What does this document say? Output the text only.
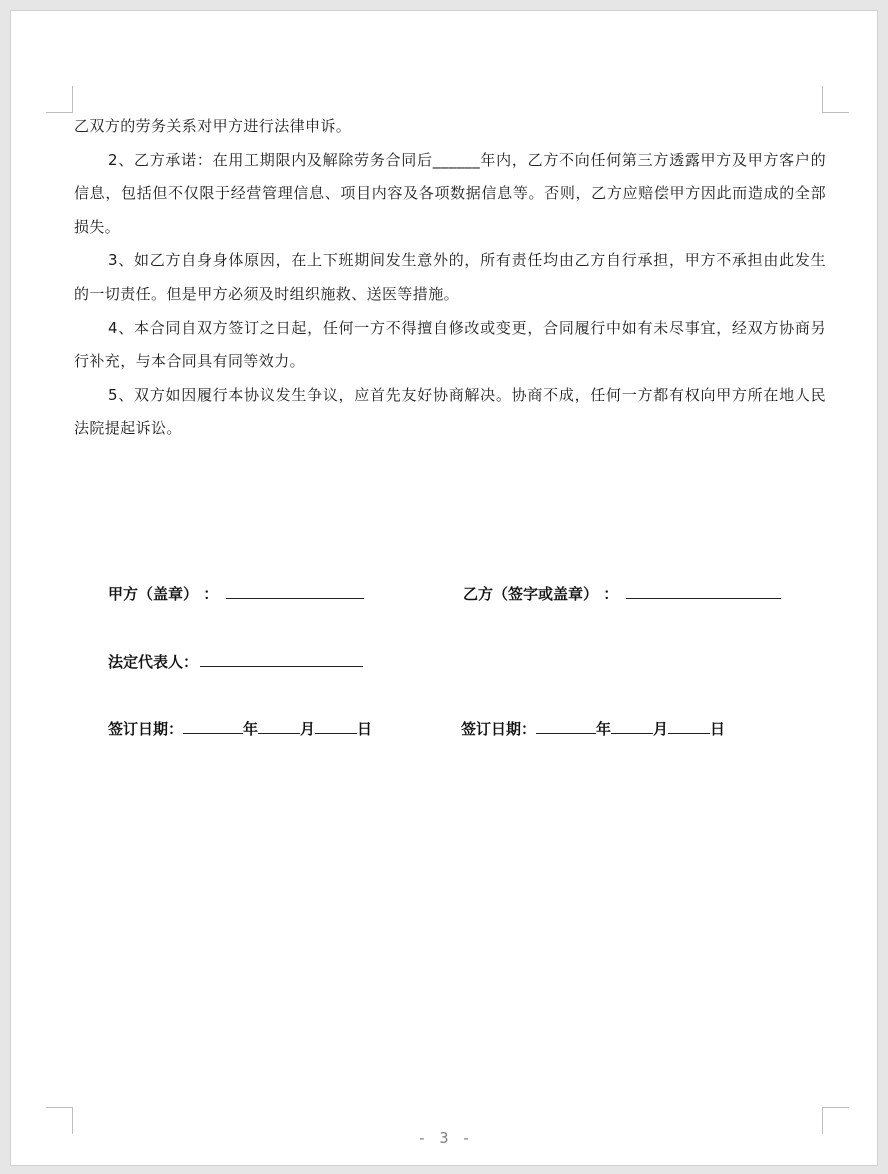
乙双方的劳务关系对甲方进行法律申诉。

2、乙方承诺：在用工期限内及解除劳务合同后______年内，乙方不向任何第三方透露甲方及甲方客户的信息，包括但不仅限于经营管理信息、项目内容及各项数据信息等。否则，乙方应赔偿甲方因此而造成的全部损失。

3、如乙方自身身体原因，在上下班期间发生意外的，所有责任均由乙方自行承担，甲方不承担由此发生的一切责任。但是甲方必须及时组织施救、送医等措施。

4、本合同自双方签订之日起，任何一方不得擅自修改或变更，合同履行中如有未尽事宜，经双方协商另行补充，与本合同具有同等效力。

5、双方如因履行本协议发生争议，应首先友好协商解决。协商不成，任何一方都有权向甲方所在地人民法院提起诉讼。

甲方（盖章） ：	乙方（签字或盖章） ：
法定代表人：
签订日期：	年	月	日	签订日期：	年	月	日
- 3 -
